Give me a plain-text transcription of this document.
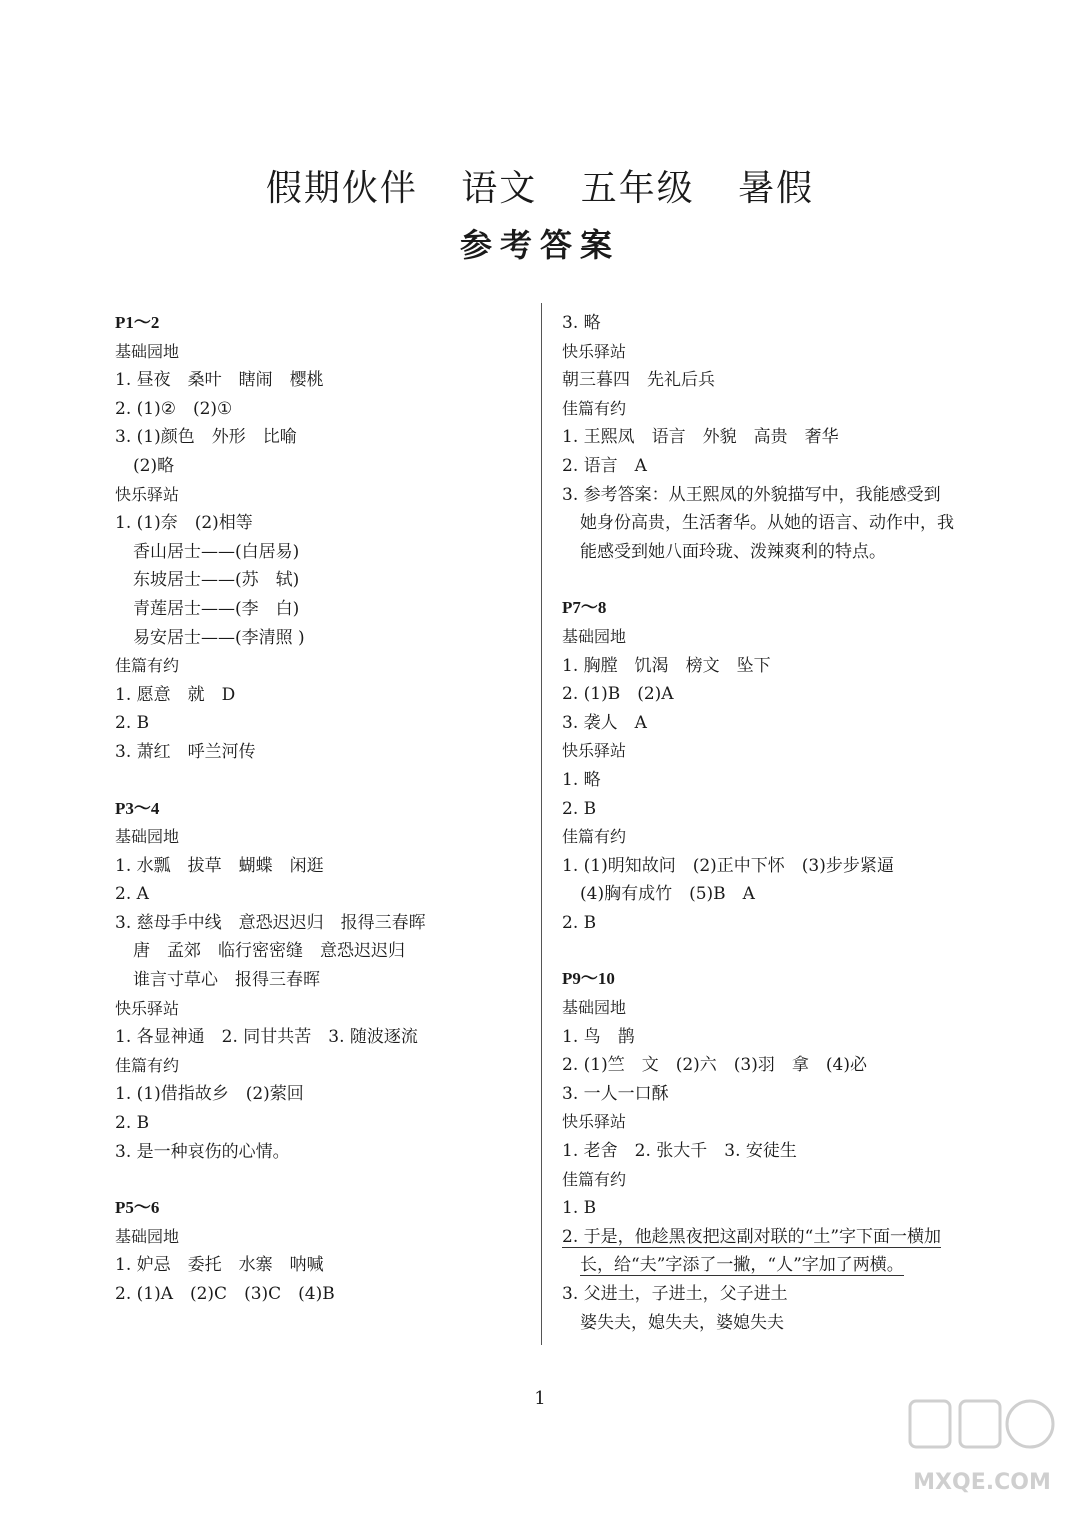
假期伙伴 语文 五年级 暑假
参考答案
P1～2
基础园地
1. 昼夜　桑叶　瞎闹　樱桃
2. (1)②　(2)①
3. (1)颜色　外形　比喻
(2)略
快乐驿站
1. (1)奈　(2)相等
香山居士——(白居易)
东坡居士——(苏　轼)
青莲居士——(李　白)
易安居士——(李清照 )
佳篇有约
1. 愿意　就　D
2. B
3. 萧红　呼兰河传
P3～4
基础园地
1. 水瓢　拔草　蝴蝶　闲逛
2. A
3. 慈母手中线　意恐迟迟归　报得三春晖
唐　孟郊　临行密密缝　意恐迟迟归
谁言寸草心　报得三春晖
快乐驿站
1. 各显神通　2. 同甘共苦　3. 随波逐流
佳篇有约
1. (1)借指故乡　(2)萦回
2. B
3. 是一种哀伤的心情。
P5～6
基础园地
1. 妒忌　委托　水寨　呐喊
2. (1)A　(2)C　(3)C　(4)B
3. 略
快乐驿站
朝三暮四　先礼后兵
佳篇有约
1. 王熙凤　语言　外貌　高贵　奢华
2. 语言　A
3. 参考答案：从王熙凤的外貌描写中，我能感受到
她身份高贵，生活奢华。从她的语言、动作中，我
能感受到她八面玲珑、泼辣爽利的特点。
P7～8
基础园地
1. 胸膛　饥渴　榜文　坠下
2. (1)B　(2)A
3. 袭人　A
快乐驿站
1. 略
2. B
佳篇有约
1. (1)明知故问　(2)正中下怀　(3)步步紧逼
(4)胸有成竹　(5)B　A
2. B
P9～10
基础园地
1. 鸟　鹊
2. (1)竺　文　(2)六　(3)羽　拿　(4)必
3. 一人一口酥
快乐驿站
1. 老舍　2. 张大千　3. 安徒生
佳篇有约
1. B
2. 于是，他趁黑夜把这副对联的“土”字下面一横加
长，给“夫”字添了一撇，“人”字加了两横。
3. 父进土，子进土，父子进土
婆失夫，媳失夫，婆媳失夫
1
MXQE.COM
